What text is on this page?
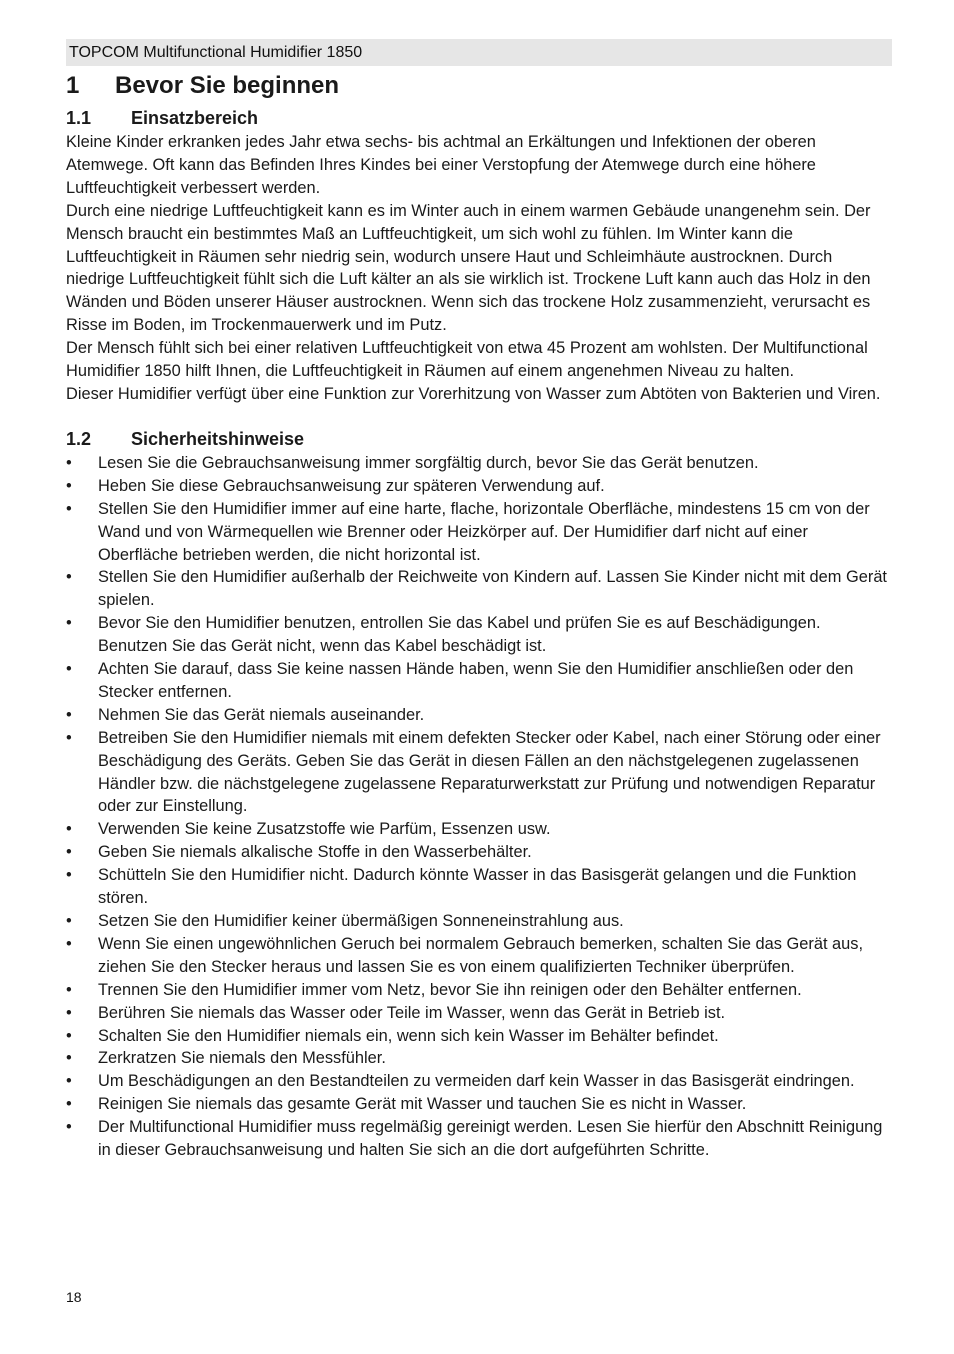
TOPCOM Multifunctional Humidifier 1850
1	Bevor Sie beginnen
1.1	Einsatzbereich

Kleine Kinder erkranken jedes Jahr etwa sechs- bis achtmal an Erkältungen und Infektionen der oberen Atemwege. Oft kann das Befinden Ihres Kindes bei einer Verstopfung der Atemwege durch eine höhere Luftfeuchtigkeit verbessert werden.

Durch eine niedrige Luftfeuchtigkeit kann es im Winter auch in einem warmen Gebäude unangenehm sein. Der Mensch braucht ein bestimmtes Maß an Luftfeuchtigkeit, um sich wohl zu fühlen. Im Winter kann die Luftfeuchtigkeit in Räumen sehr niedrig sein, wodurch unsere Haut und Schleimhäute austrocknen. Durch niedrige Luftfeuchtigkeit fühlt sich die Luft kälter an als sie wirklich ist. Trockene Luft kann auch das Holz in den Wänden und Böden unserer Häuser austrocknen. Wenn sich das trockene Holz zusammenzieht, verursacht es Risse im Boden, im Trockenmauerwerk und im Putz.

Der Mensch fühlt sich bei einer relativen Luftfeuchtigkeit von etwa 45 Prozent am wohlsten. Der Multifunctional Humidifier 1850 hilft Ihnen, die Luftfeuchtigkeit in Räumen auf einem angenehmen Niveau zu halten.

Dieser Humidifier verfügt über eine Funktion zur Vorerhitzung von Wasser zum Abtöten von Bakterien und Viren.

1.2	Sicherheitshinweise
•	Lesen Sie die Gebrauchsanweisung immer sorgfältig durch, bevor Sie das Gerät benutzen.
•	Heben Sie diese Gebrauchsanweisung zur späteren Verwendung auf.
•	Stellen Sie den Humidifier immer auf eine harte, flache, horizontale Oberfläche, mindestens 15 cm von der Wand und von Wärmequellen wie Brenner oder Heizkörper auf. Der Humidifier darf nicht auf einer Oberfläche betrieben werden, die nicht horizontal ist.
•	Stellen Sie den Humidifier außerhalb der Reichweite von Kindern auf. Lassen Sie Kinder nicht mit dem Gerät spielen.
•	Bevor Sie den Humidifier benutzen, entrollen Sie das Kabel und prüfen Sie es auf Beschädigungen. Benutzen Sie das Gerät nicht, wenn das Kabel beschädigt ist.
•	Achten Sie darauf, dass Sie keine nassen Hände haben, wenn Sie den Humidifier anschließen oder den Stecker entfernen.
•	Nehmen Sie das Gerät niemals auseinander.
•	Betreiben Sie den Humidifier niemals mit einem defekten Stecker oder Kabel, nach einer Störung oder einer Beschädigung des Geräts. Geben Sie das Gerät in diesen Fällen an den nächstgelegenen zugelassenen Händler bzw. die nächstgelegene zugelassene Reparaturwerkstatt zur Prüfung und notwendigen Reparatur oder zur Einstellung.
•	Verwenden Sie keine Zusatzstoffe wie Parfüm, Essenzen usw.
•	Geben Sie niemals alkalische Stoffe in den Wasserbehälter.
•	Schütteln Sie den Humidifier nicht. Dadurch könnte Wasser in das Basisgerät gelangen und die Funktion stören.
•	Setzen Sie den Humidifier keiner übermäßigen Sonneneinstrahlung aus.
•	Wenn Sie einen ungewöhnlichen Geruch bei normalem Gebrauch bemerken, schalten Sie das Gerät aus, ziehen Sie den Stecker heraus und lassen Sie es von einem qualifizierten Techniker überprüfen.
•	Trennen Sie den Humidifier immer vom Netz, bevor Sie ihn reinigen oder den Behälter entfernen.
•	Berühren Sie niemals das Wasser oder Teile im Wasser, wenn das Gerät in Betrieb ist.
•	Schalten Sie den Humidifier niemals ein, wenn sich kein Wasser im Behälter befindet.
•	Zerkratzen Sie niemals den Messfühler.
•	Um Beschädigungen an den Bestandteilen zu vermeiden darf kein Wasser in das Basisgerät eindringen.
•	Reinigen Sie niemals das gesamte Gerät mit Wasser und tauchen Sie es nicht in Wasser.
•	Der Multifunctional Humidifier muss regelmäßig gereinigt werden. Lesen Sie hierfür den Abschnitt Reinigung in dieser Gebrauchsanweisung und halten Sie sich an die dort aufgeführten Schritte.
18
